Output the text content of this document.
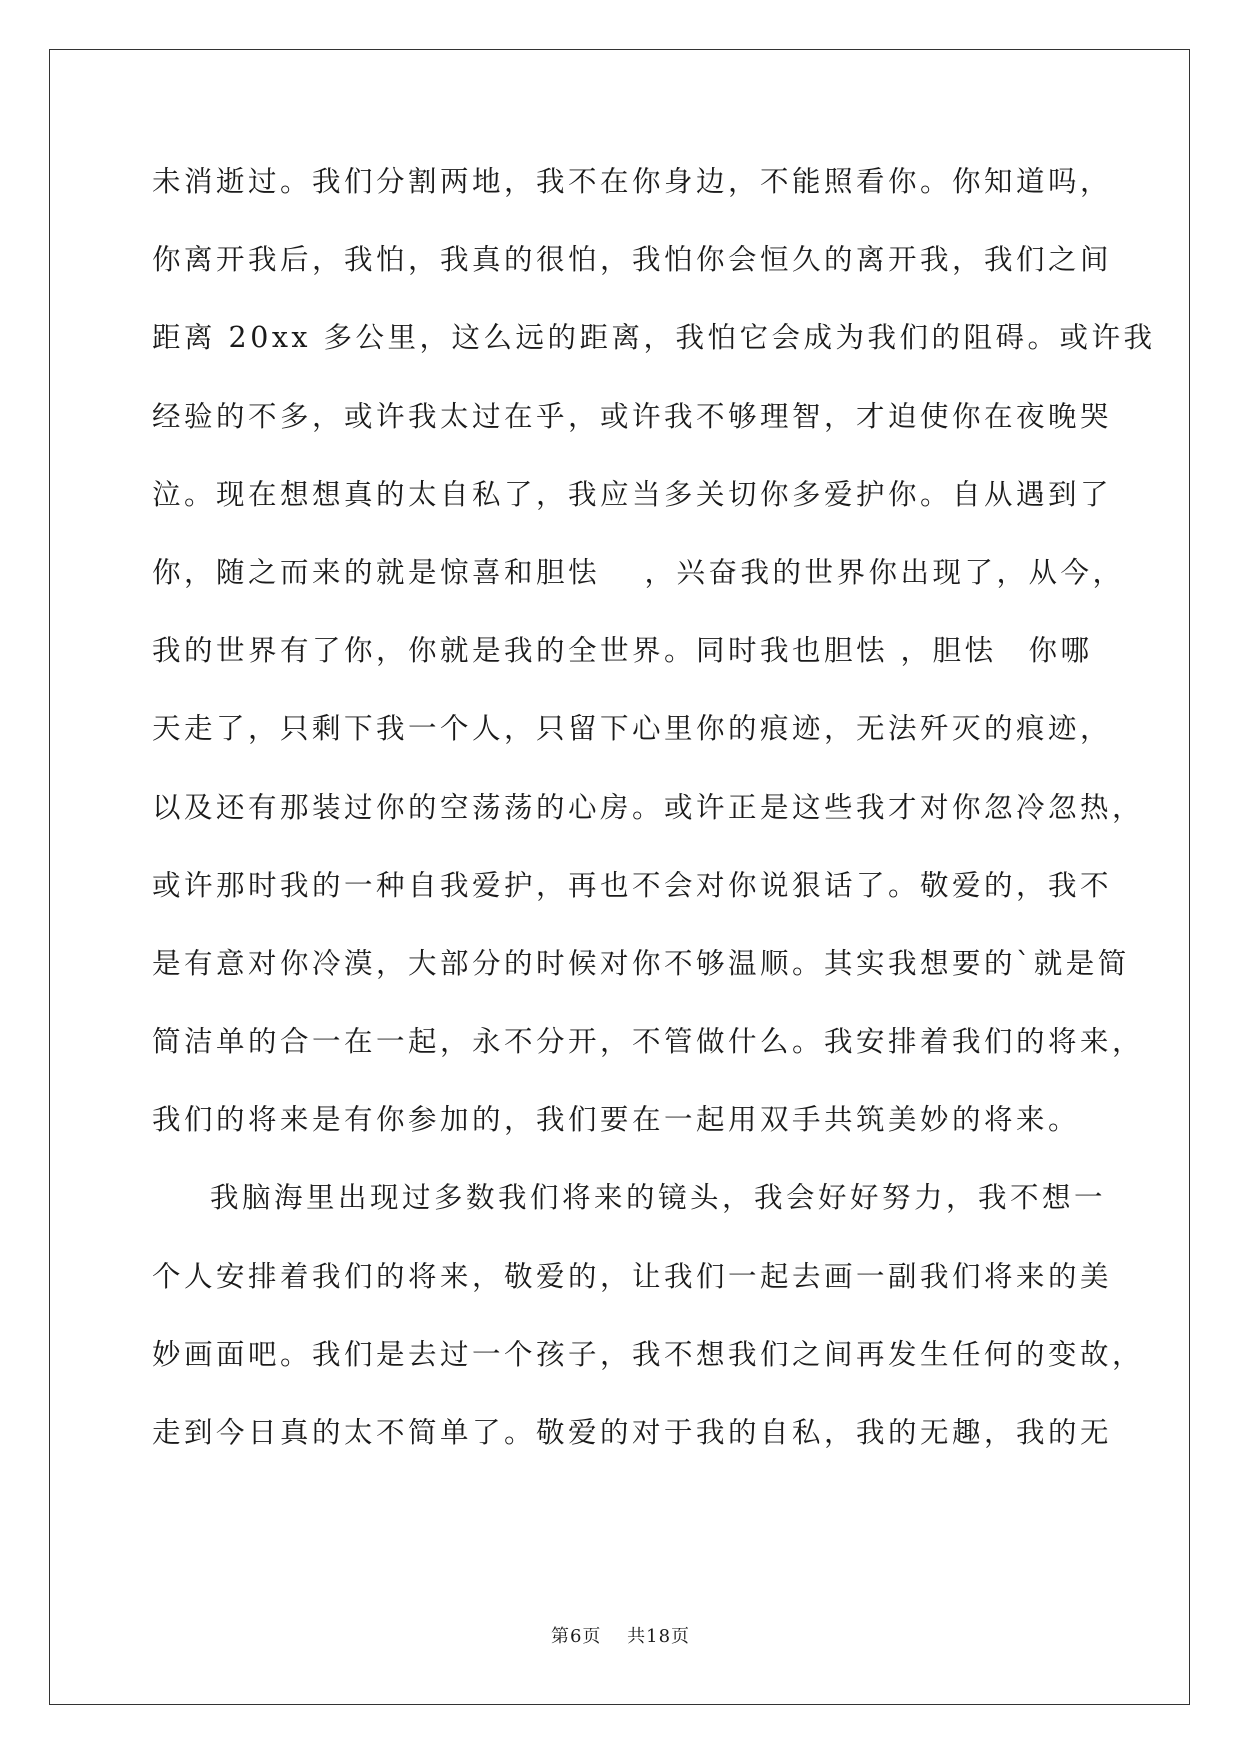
未消逝过。我们分割两地，我不在你身边，不能照看你。你知道吗，
你离开我后，我怕，我真的很怕，我怕你会恒久的离开我，我们之间
距离 20xx 多公里，这么远的距离，我怕它会成为我们的阻碍。或许我
经验的不多，或许我太过在乎，或许我不够理智，才迫使你在夜晚哭
泣。现在想想真的太自私了，我应当多关切你多爱护你。自从遇到了
你，随之而来的就是惊喜和胆怯　 ，兴奋我的世界你出现了，从今，
我的世界有了你，你就是我的全世界。同时我也胆怯 ，胆怯　你哪
天走了，只剩下我一个人，只留下心里你的痕迹，无法歼灭的痕迹，
以及还有那装过你的空荡荡的心房。或许正是这些我才对你忽冷忽热，
或许那时我的一种自我爱护，再也不会对你说狠话了。敬爱的，我不
是有意对你冷漠，大部分的时候对你不够温顺。其实我想要的`就是简
简洁单的合一在一起，永不分开，不管做什么。我安排着我们的将来，
我们的将来是有你参加的，我们要在一起用双手共筑美妙的将来。
我脑海里出现过多数我们将来的镜头，我会好好努力，我不想一
个人安排着我们的将来，敬爱的，让我们一起去画一副我们将来的美
妙画面吧。我们是去过一个孩子，我不想我们之间再发生任何的变故，
走到今日真的太不简单了。敬爱的对于我的自私，我的无趣，我的无
第6页　 共18页
